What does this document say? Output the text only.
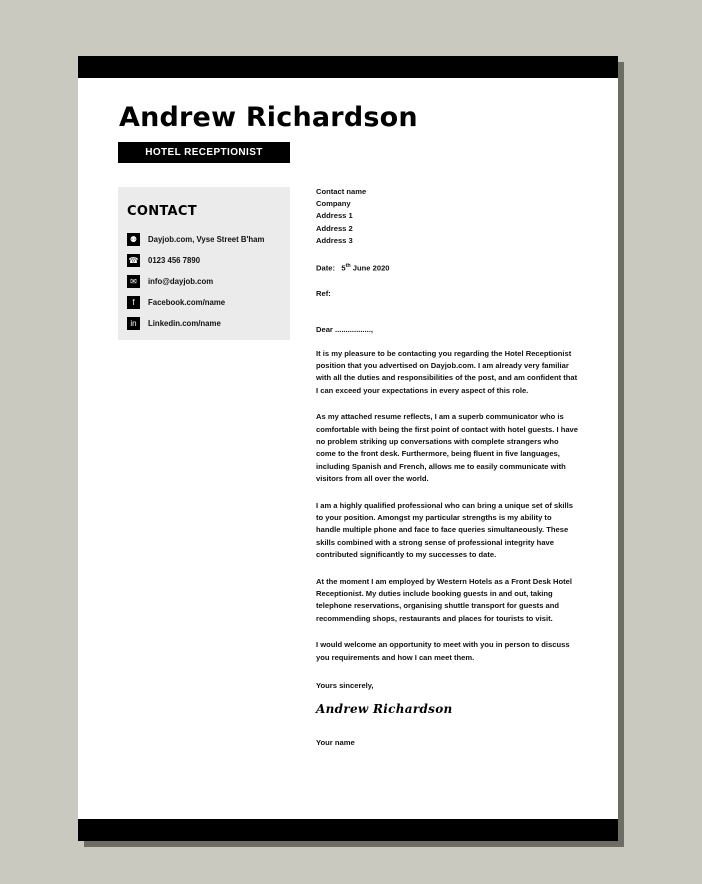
Andrew Richardson
HOTEL RECEPTIONIST
CONTACT
⚉	Dayjob.com, Vyse Street B'ham
☎ 0123 456 7890
✉	info@dayjob.com
f	Facebook.com/name
in	Linkedin.com/name
Contact name
Company
Address 1
Address 2
Address 3
Date: 5th June 2020
Ref:
Dear .................,
It is my pleasure to be contacting you regarding the Hotel Receptionist position that you advertised on Dayjob.com. I am already very familiar with all the duties and responsibilities of the post, and am confident that I can exceed your expectations in every aspect of this role.
As my attached resume reflects, I am a superb communicator who is comfortable with being the first point of contact with hotel guests. I have no problem striking up conversations with complete strangers who come to the front desk. Furthermore, being fluent in five languages, including Spanish and French, allows me to easily communicate with visitors from all over the world.
I am a highly qualified professional who can bring a unique set of skills to your position. Amongst my particular strengths is my ability to handle multiple phone and face to face queries simultaneously. These skills combined with a strong sense of professional integrity have contributed significantly to my successes to date.
At the moment I am employed by Western Hotels as a Front Desk Hotel Receptionist. My duties include booking guests in and out, taking telephone reservations, organising shuttle transport for guests and recommending shops, restaurants and places for tourists to visit.
I would welcome an opportunity to meet with you in person to discuss you requirements and how I can meet them.
Yours sincerely,
Andrew Richardson
Your name
